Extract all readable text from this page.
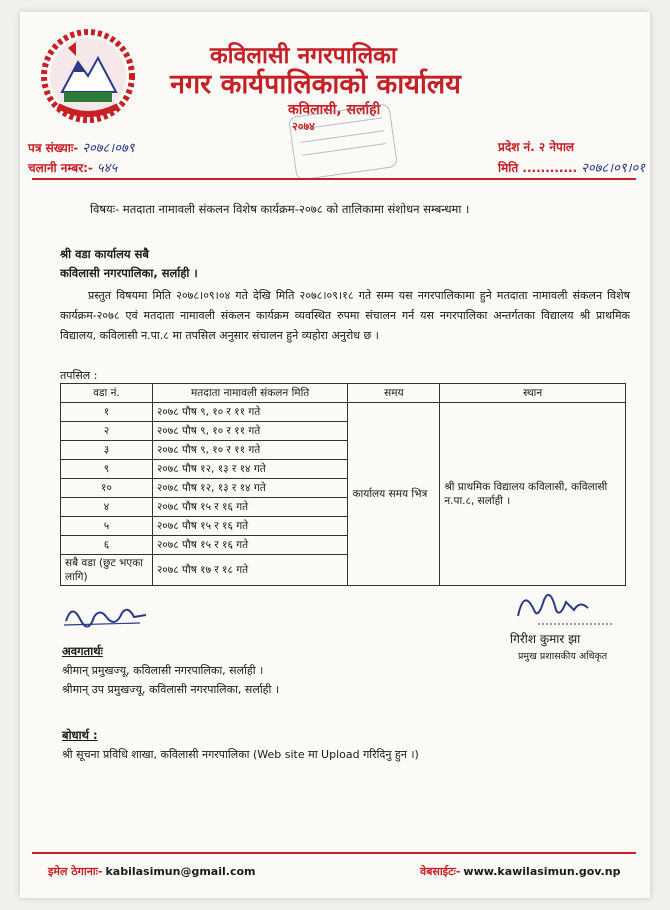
कविलासी नगरपालिका
नगर कार्यपालिकाको कार्यालय
कविलासी, सर्लाही
२०७४
पत्र संख्याः- २०७८।०७९
चलानी नम्बर:- ५४५
प्रदेश नं. २ नेपाल
मिति ............ २०७८।०९।०१
विषयः- मतदाता नामावली संकलन विशेष कार्यक्रम-२०७८ को तालिकामा संशोधन सम्बन्धमा ।
श्री वडा कार्यालय सबै
कविलासी नगरपालिका, सर्लाही ।
प्रस्तुत विषयमा मिति २०७८।०९।०४ गते देखि मिति २०७८।०९।१८ गते सम्म यस नगरपालिकामा हुने मतदाता नामावली संकलन विशेष कार्यक्रम-२०७८ एवं मतदाता नामावली संकलन कार्यक्रम व्यवस्थित रुपमा संचालन गर्न यस नगरपालिका अन्तर्गतका विद्यालय श्री प्राथमिक विद्यालय, कविलासी न.पा.८ मा तपसिल अनुसार संचालन हुने व्यहोरा अनुरोध छ ।
तपसिल :
वडा नं.	मतदाता नामावली संकलन मिति	समय	स्थान
१	२०७८ पौष ९, १० र ११ गते	कार्यालय समय भित्र	श्री प्राथमिक विद्यालय कविलासी, कविलासी न.पा.८, सर्लाही ।
२	२०७८ पौष ९, १० र ११ गते		
३	२०७८ पौष ९, १० र ११ गते		
९	२०७८ पौष १२, १३ र १४ गते		
१०	२०७८ पौष १२, १३ र १४ गते		
४	२०७८ पौष १५ र १६ गते		
५	२०७८ पौष १५ र १६ गते		
६	२०७८ पौष १५ र १६ गते		
सबै वडा (छुट भएका लागि)	२०७८ पौष १७ र १८ गते		
गिरीश कुमार झा
प्रमुख प्रशासकीय अधिकृत
अवगतार्थः
श्रीमान् प्रमुखज्यू, कविलासी नगरपालिका, सर्लाही ।
श्रीमान् उप प्रमुखज्यू, कविलासी नगरपालिका, सर्लाही ।
बोधार्थ :
श्री सूचना प्रविधि शाखा, कविलासी नगरपालिका (Web site मा Upload गरिदिनु हुन ।)
इमेल ठेगानाः- kabilasimun@gmail.com	वेबसाईटः- www.kawilasimun.gov.np
